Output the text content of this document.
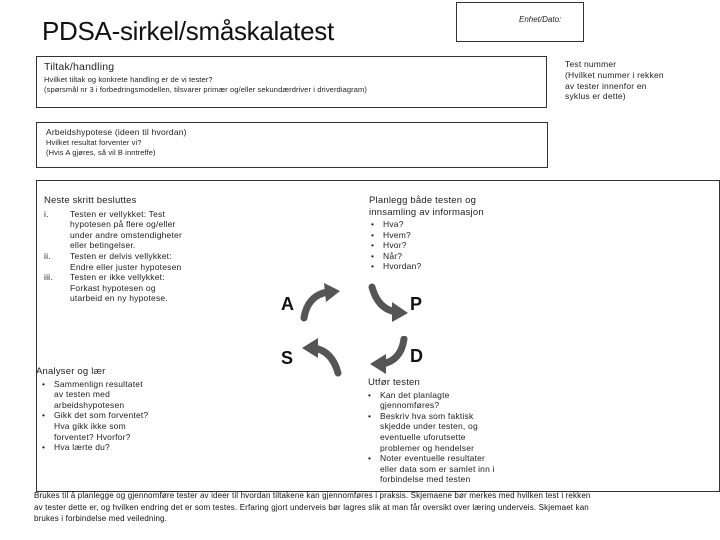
PDSA-sirkel/småskalatest	Enhet/Dato:
Tiltak/handling
Hvilket tiltak og konkrete handling er de vi tester?
(spørsmål nr 3 i forbedringsmodellen, tilsvarer primær og/eller sekundærdriver i driverdiagram)
Test nummer
(Hvilket nummer i rekken
av tester innenfor en
syklus er dette)
Arbeidshypotese (ideen til hvordan)
Hvilket resultat forventer vi?
(Hvis A gjøres, så vil B inntreffe)
Neste skritt besluttes
i.	Testen er vellykket: Test
hypotesen på flere og/eller
under andre omstendigheter
eller betingelser.
ii.	Testen er delvis vellykket:
Endre eller juster hypotesen
iii.	Testen er ikke vellykket:
Forkast hypotesen og
utarbeid en ny hypotese.
Planlegg både testen og
innsamling av informasjon
•	Hva?
•	Hvem?
•	Hvor?
•	Når?
•	Hvordan?
A	P
S	D
Analyser og lær
•	Sammenlign resultatet
av testen med
arbeidshypotesen
•	Gikk det som forventet?
Hva gikk ikke som
forventet? Hvorfor?
•	Hva lærte du?
Utfør testen
•	Kan det planlagte
gjennomføres?
•	Beskriv hva som faktisk
skjedde under testen, og
eventuelle uforutsette
problemer og hendelser
•	Noter eventuelle resultater
eller data som er samlet inn i
forbindelse med testen
Brukes til å planlegge og gjennomføre tester av ideer til hvordan tiltakene kan gjennomføres i praksis. Skjemaene bør merkes med hvilken test i rekken
av tester dette er, og hvilken endring det er som testes. Erfaring gjort underveis bør lagres slik at man får oversikt over læring underveis. Skjemaet kan
brukes i forbindelse med veiledning.
